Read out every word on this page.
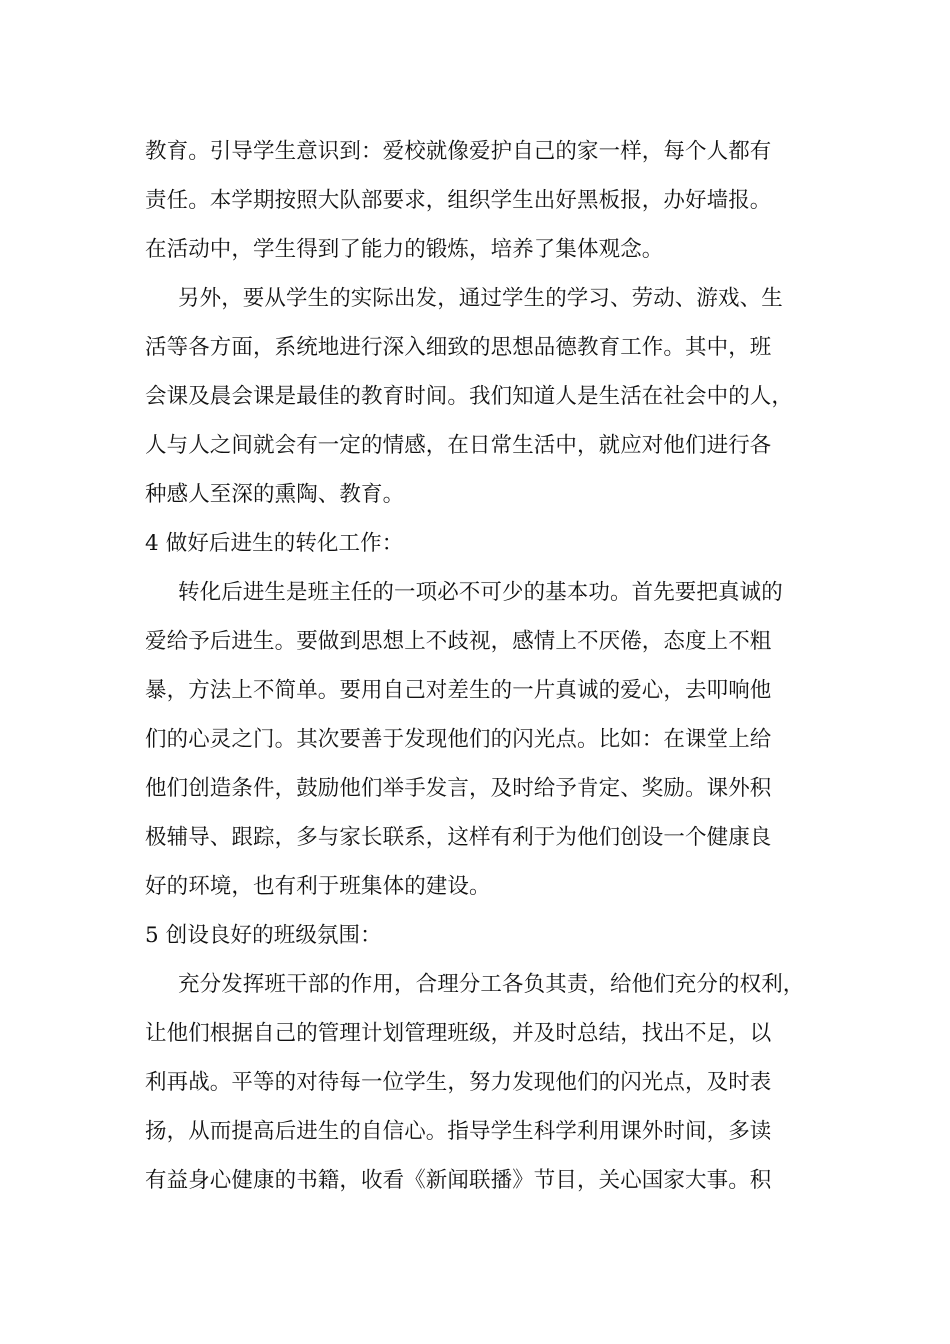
教育。引导学生意识到：爱校就像爱护自己的家一样，每个人都有
责任。本学期按照大队部要求，组织学生出好黑板报，办好墙报。
在活动中，学生得到了能力的锻炼，培养了集体观念。
另外，要从学生的实际出发，通过学生的学习、劳动、游戏、生
活等各方面，系统地进行深入细致的思想品德教育工作。其中，班
会课及晨会课是最佳的教育时间。我们知道人是生活在社会中的人，
人与人之间就会有一定的情感，在日常生活中，就应对他们进行各
种感人至深的熏陶、教育。
4 做好后进生的转化工作：
转化后进生是班主任的一项必不可少的基本功。首先要把真诚的
爱给予后进生。要做到思想上不歧视，感情上不厌倦，态度上不粗
暴，方法上不简单。要用自己对差生的一片真诚的爱心，去叩响他
们的心灵之门。其次要善于发现他们的闪光点。比如：在课堂上给
他们创造条件，鼓励他们举手发言，及时给予肯定、奖励。课外积
极辅导、跟踪，多与家长联系，这样有利于为他们创设一个健康良
好的环境，也有利于班集体的建设。
5 创设良好的班级氛围：
充分发挥班干部的作用，合理分工各负其责，给他们充分的权利，
让他们根据自己的管理计划管理班级，并及时总结，找出不足，以
利再战。平等的对待每一位学生，努力发现他们的闪光点，及时表
扬，从而提高后进生的自信心。指导学生科学利用课外时间，多读
有益身心健康的书籍，收看《新闻联播》节目，关心国家大事。积
